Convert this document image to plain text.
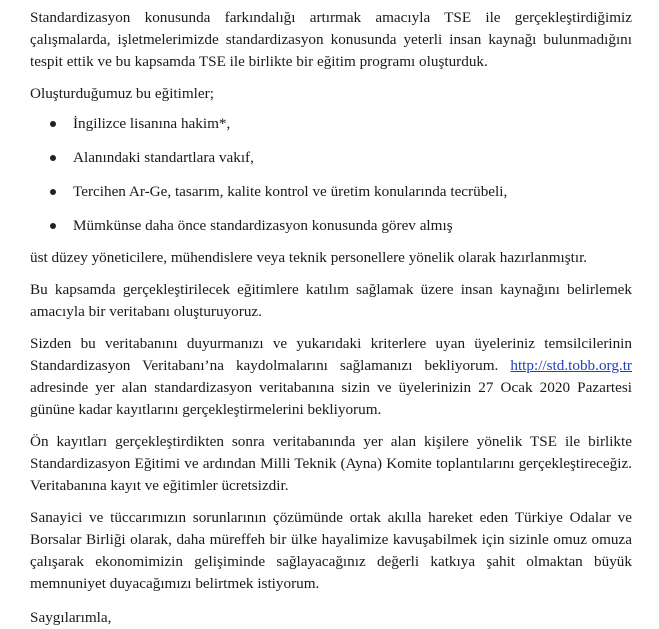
Standardizasyon konusunda farkındalığı artırmak amacıyla TSE ile gerçekleştirdiğimiz çalışmalarda, işletmelerimizde standardizasyon konusunda yeterli insan kaynağı bulunmadığını tespit ettik ve bu kapsamda TSE ile birlikte bir eğitim programı oluşturduk.

Oluşturduğumuz bu eğitimler;

İngilizce lisanına hakim*,
Alanındaki standartlara vakıf,
Tercihen Ar-Ge, tasarım, kalite kontrol ve üretim konularında tecrübeli,
Mümkünse daha önce standardizasyon konusunda görev almış

üst düzey yöneticilere, mühendislere veya teknik personellere yönelik olarak hazırlanmıştır.

Bu kapsamda gerçekleştirilecek eğitimlere katılım sağlamak üzere insan kaynağını belirlemek amacıyla bir veritabanı oluşturuyoruz.

Sizden bu veritabanını duyurmanızı ve yukarıdaki kriterlere uyan üyeleriniz temsilcilerinin Standardizasyon Veritabanı’na kaydolmalarını sağlamanızı bekliyorum. http://std.tobb.org.tr adresinde yer alan standardizasyon veritabanına sizin ve üyelerinizin 27 Ocak 2020 Pazartesi gününe kadar kayıtlarını gerçekleştirmelerini bekliyorum.

Ön kayıtları gerçekleştirdikten sonra veritabanında yer alan kişilere yönelik TSE ile birlikte Standardizasyon Eğitimi ve ardından Milli Teknik (Ayna) Komite toplantılarını gerçekleştireceğiz. Veritabanına kayıt ve eğitimler ücretsizdir.

Sanayici ve tüccarımızın sorunlarının çözümünde ortak akılla hareket eden Türkiye Odalar ve Borsalar Birliği olarak, daha müreffeh bir ülke hayalimize kavuşabilmek için sizinle omuz omuza çalışarak ekonomimizin gelişiminde sağlayacağınız değerli katkıya şahit olmaktan büyük memnuniyet duyacağımızı belirtmek istiyorum.

Saygılarımla,
